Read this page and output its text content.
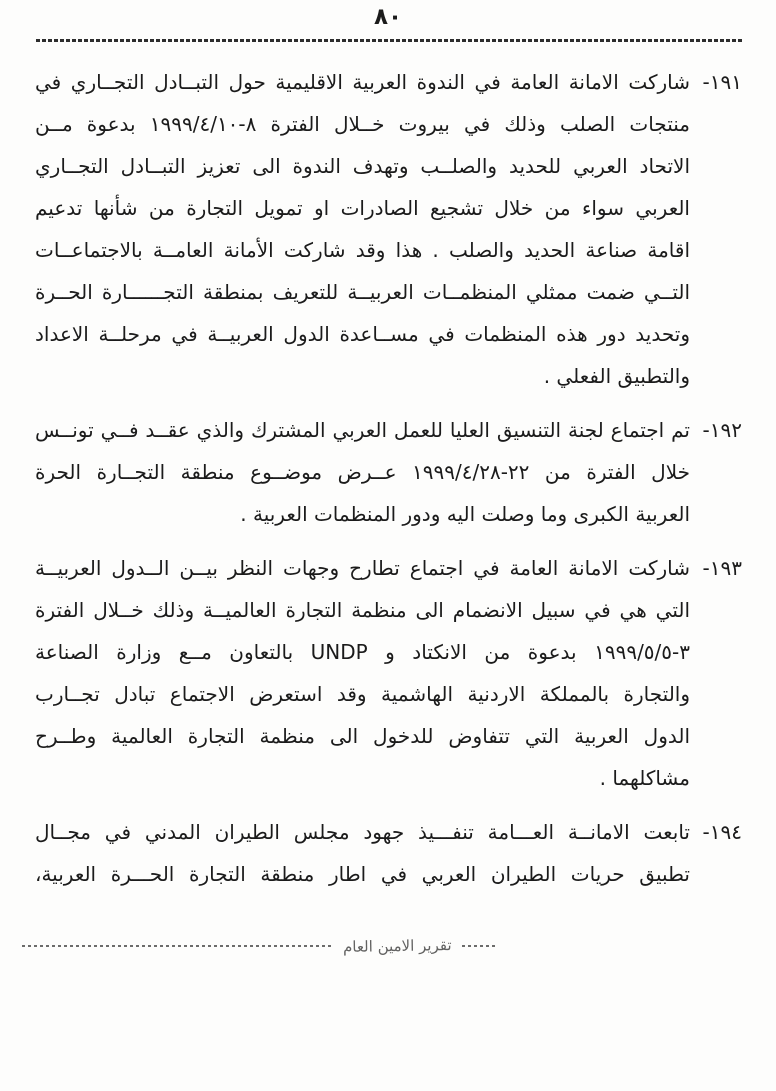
٨٠
١٩١-
شاركت الامانة العامة في الندوة العربية الاقليمية حول التبــادل التجــاري في
منتجات الصلب وذلك في بيروت خــلال الفترة ٨-١٩٩٩/٤/١٠ بدعوة مــن
الاتحاد العربي للحديد والصلــب وتهدف الندوة الى تعزيز التبــادل التجــاري
العربي سواء من خلال تشجيع الصادرات او تمويل التجارة من شأنها تدعيم
اقامة صناعة الحديد والصلب . هذا وقد شاركت الأمانة العامــة بالاجتماعــات
التــي ضمت ممثلي المنظمــات العربيــة للتعريف بمنطقة التجــــــارة الحــرة
وتحديد دور هذه المنظمات في مســاعدة الدول العربيــة في مرحلــة الاعداد
والتطبيق الفعلي .
١٩٢-
تم اجتماع لجنة التنسيق العليا للعمل العربي المشترك والذي عقــد فــي تونــس
خلال الفترة من ٢٢-١٩٩٩/٤/٢٨ عــرض موضــوع منطقة التجــارة الحرة
العربية الكبرى وما وصلت اليه ودور المنظمات العربية .
١٩٣-
شاركت الامانة العامة في اجتماع تطارح وجهات النظر بيــن الــدول العربيــة
التي هي في سبيل الانضمام الى منظمة التجارة العالميــة وذلك خــلال الفترة
٣-١٩٩٩/٥/٥ بدعوة من الانكتاد و UNDP بالتعاون مــع وزارة الصناعة
والتجارة بالمملكة الاردنية الهاشمية وقد استعرض الاجتماع تبادل تجــارب
الدول العربية التي تتفاوض للدخول الى منظمة التجارة العالمية وطــرح
مشاكلهما .
١٩٤-
تابعت الامانــة العـــامة تنفـــيذ جهود مجلس الطيران المدني في مجــال
تطبيق حريات الطيران العربي في اطار منطقة التجارة الحـــرة العربية،
تقرير الامين العام
